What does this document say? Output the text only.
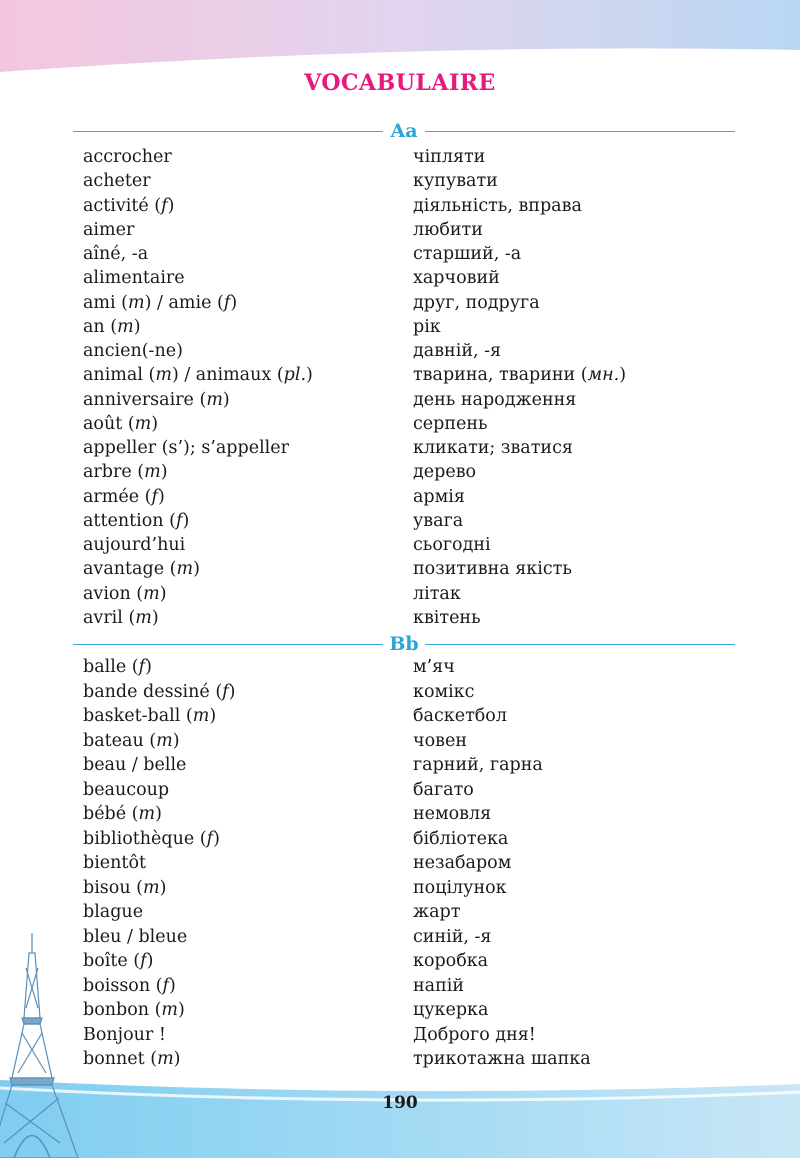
VOCABULAIRE
Aa
accrocher	чіпляти
acheter	купувати
activité (f)	діяльність, вправа
aimer	любити
aîné, -a	старший, -а
alimentaire	харчовий
ami (m) / amie (f)	друг, подруга
an (m)	рік
ancien(-ne)	давній, -я
animal (m) / animaux (pl.)	тварина, тварини (мн.)
anniversaire (m)	день народження
août (m)	серпень
appeller (s’); s’appeller	кликати; зватися
arbre (m)	дерево
armée (f)	армія
attention (f)	увага
aujourd’hui	сьогодні
avantage (m)	позитивна якість
avion (m)	літак
avril (m)	квітень
Bb
balle (f)	м’яч
bande dessiné (f)	комікс
basket-ball (m)	баскетбол
bateau (m)	човен
beau / belle	гарний, гарна
beaucoup	багато
bébé (m)	немовля
bibliothèque (f)	бібліотека
bientôt	незабаром
bisou (m)	поцілунок
blague	жарт
bleu / bleue	синій, -я
boîte (f)	коробка
boisson (f)	напій
bonbon (m)	цукерка
Bonjour !	Доброго дня!
bonnet (m)	трикотажна шапка
190
